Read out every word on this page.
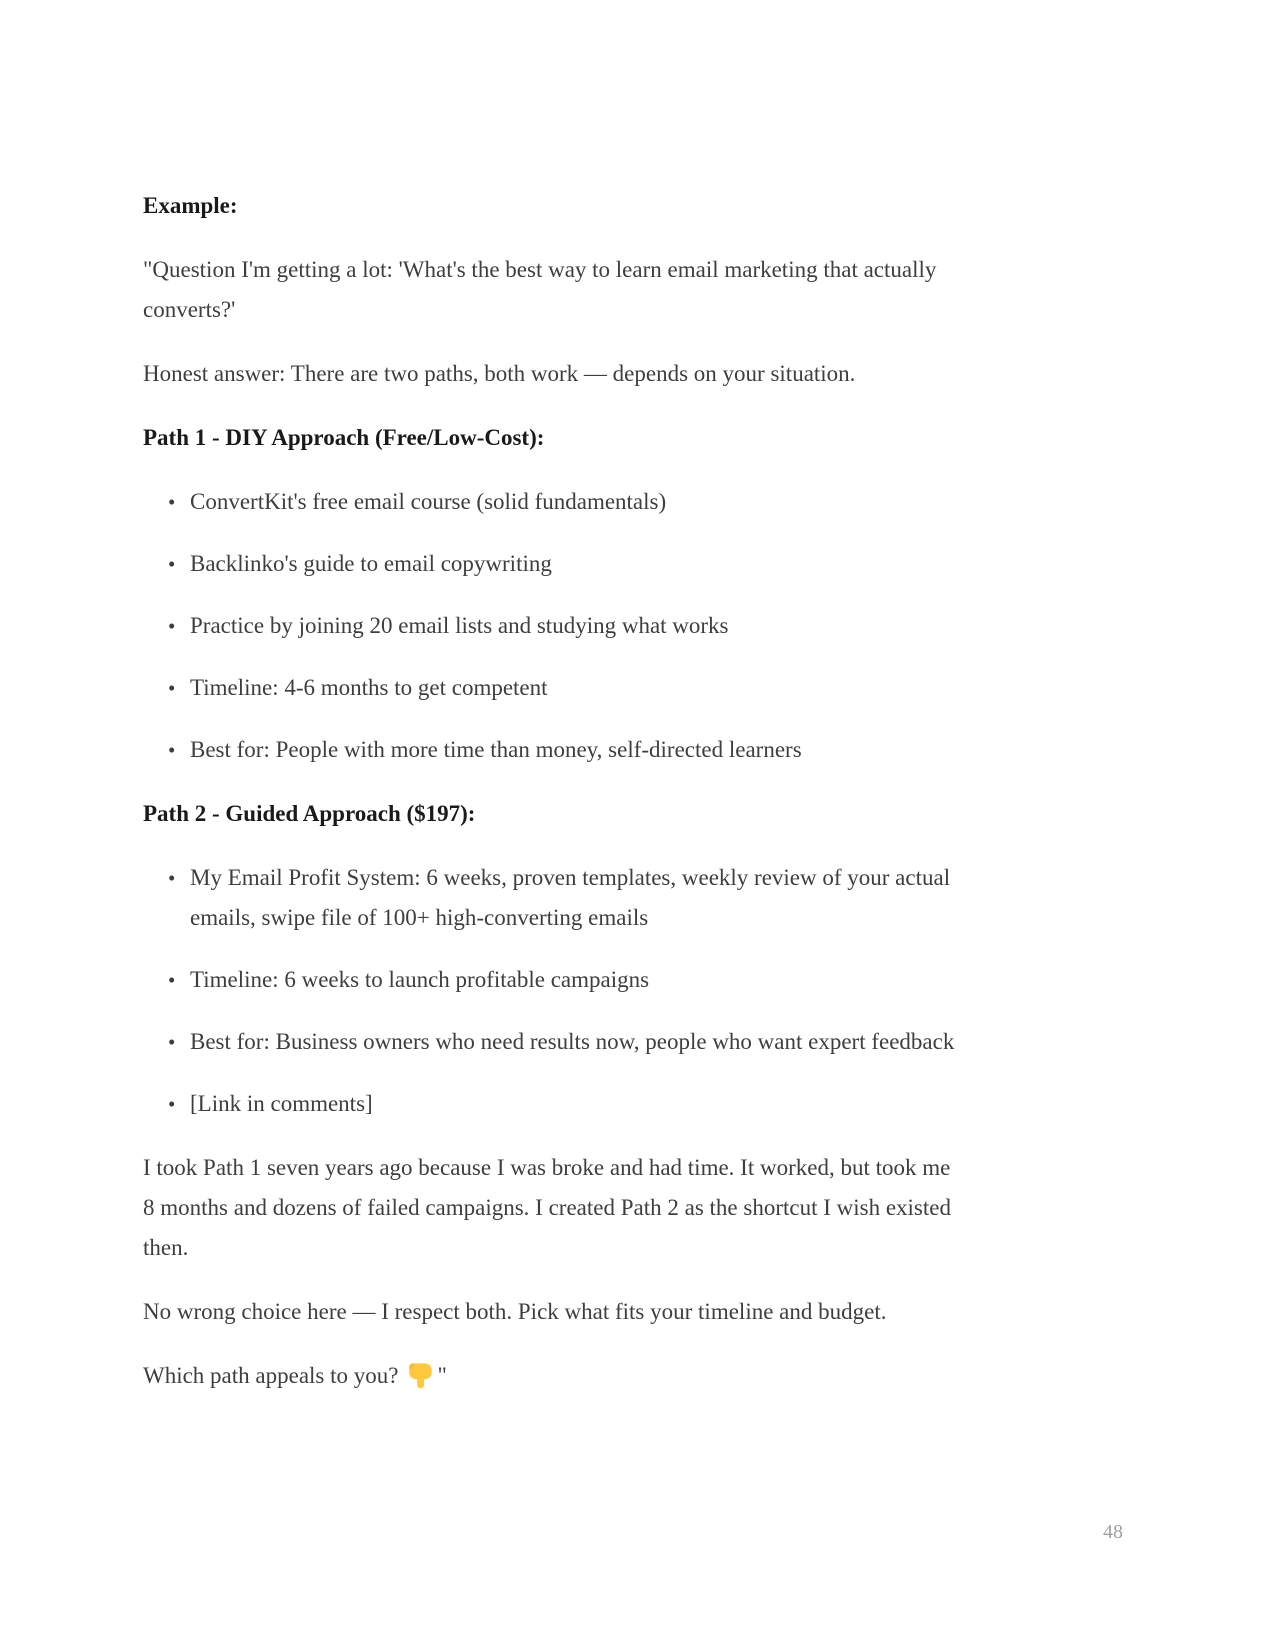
Example:
"Question I'm getting a lot: 'What's the best way to learn email marketing that actually
converts?'
Honest answer: There are two paths, both work — depends on your situation.
Path 1 - DIY Approach (Free/Low-Cost):
• ConvertKit's free email course (solid fundamentals)
• Backlinko's guide to email copywriting
• Practice by joining 20 email lists and studying what works
• Timeline: 4-6 months to get competent
• Best for: People with more time than money, self-directed learners
Path 2 - Guided Approach ($197):
• My Email Profit System: 6 weeks, proven templates, weekly review of your actual
emails, swipe file of 100+ high-converting emails
• Timeline: 6 weeks to launch profitable campaigns
• Best for: Business owners who need results now, people who want expert feedback
• [Link in comments]
I took Path 1 seven years ago because I was broke and had time. It worked, but took me
8 months and dozens of failed campaigns. I created Path 2 as the shortcut I wish existed
then.
No wrong choice here — I respect both. Pick what fits your timeline and budget.
Which path appeals to you? "
48
